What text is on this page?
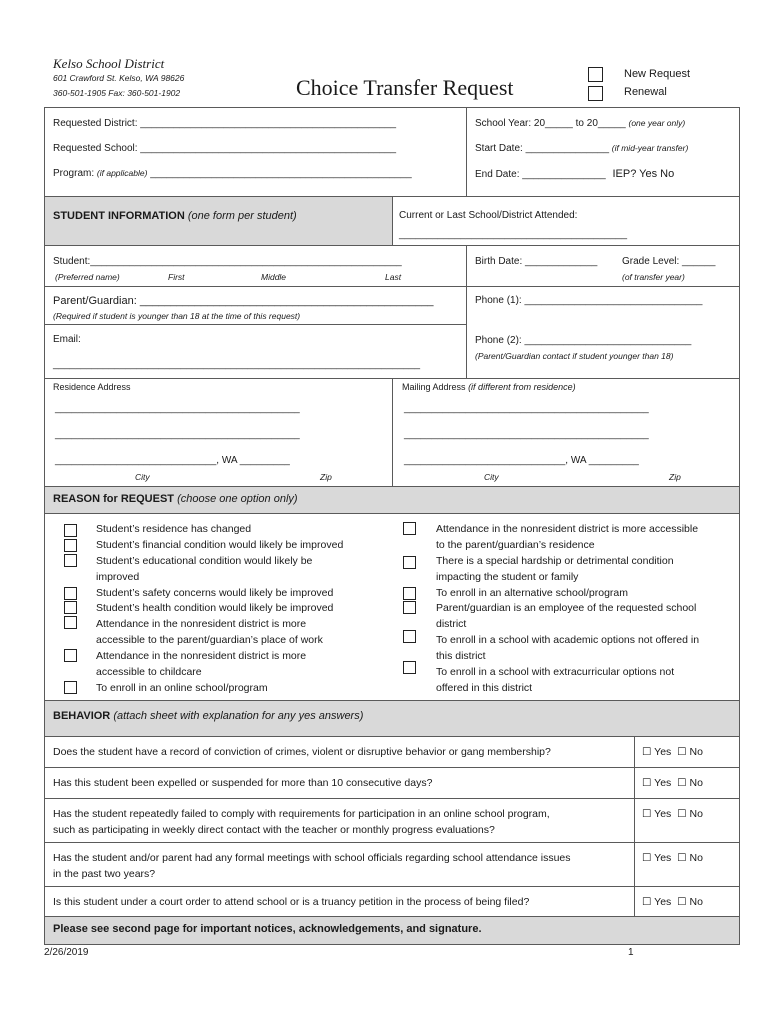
Kelso School District
601 Crawford St. Kelso, WA 98626
360-501-1905 Fax: 360-501-1902	Choice Transfer Request
New Request
Renewal
Requested District: ______________________________________________
Requested School: ______________________________________________
Program: (if applicable) _______________________________________________
School Year: 20_____ to 20_____ (one year only)
Start Date: _______________ (if mid-year transfer)
End Date: _______________ IEP? Yes No
STUDENT INFORMATION (one form per student)	Current or Last School/District Attended:
_________________________________________
Student:________________________________________________________
(Preferred name)	First	Middle	Last
Birth Date: _____________ Grade Level: ______
(of transfer year)
Parent/Guardian: ________________________________________________
(Required if student is younger than 18 at the time of this request)
Phone (1): ________________________________
Email:
__________________________________________________________________
Phone (2): ______________________________
(Parent/Guardian contact if student younger than 18)
Residence Address	Mailing Address (if different from residence)
____________________________________________
____________________________________________
_____________________________, WA _________
City	Zip
____________________________________________
____________________________________________
_____________________________, WA _________
City	Zip
REASON for REQUEST (choose one option only)
Student’s residence has changed
Student’s financial condition would likely be improved
Student’s educational condition would likely be
improved
Student’s safety concerns would likely be improved
Student’s health condition would likely be improved
Attendance in the nonresident district is more
accessible to the parent/guardian’s place of work
Attendance in the nonresident district is more
accessible to childcare
To enroll in an online school/program
Attendance in the nonresident district is more accessible
to the parent/guardian’s residence
There is a special hardship or detrimental condition
impacting the student or family
To enroll in an alternative school/program
Parent/guardian is an employee of the requested school
district
To enroll in a school with academic options not offered in
this district
To enroll in a school with extracurricular options not
offered in this district
BEHAVIOR (attach sheet with explanation for any yes answers)
Does the student have a record of conviction of crimes, violent or disruptive behavior or gang membership?	☐ Yes ☐ No
Has this student been expelled or suspended for more than 10 consecutive days?	☐ Yes ☐ No
Has the student repeatedly failed to comply with requirements for participation in an online school program,
such as participating in weekly direct contact with the teacher or monthly progress evaluations?
☐ Yes ☐ No
Has the student and/or parent had any formal meetings with school officials regarding school attendance issues
in the past two years?
☐ Yes ☐ No
Is this student under a court order to attend school or is a truancy petition in the process of being filed?	☐ Yes ☐ No
Please see second page for important notices, acknowledgements, and signature.
2/26/2019	1
